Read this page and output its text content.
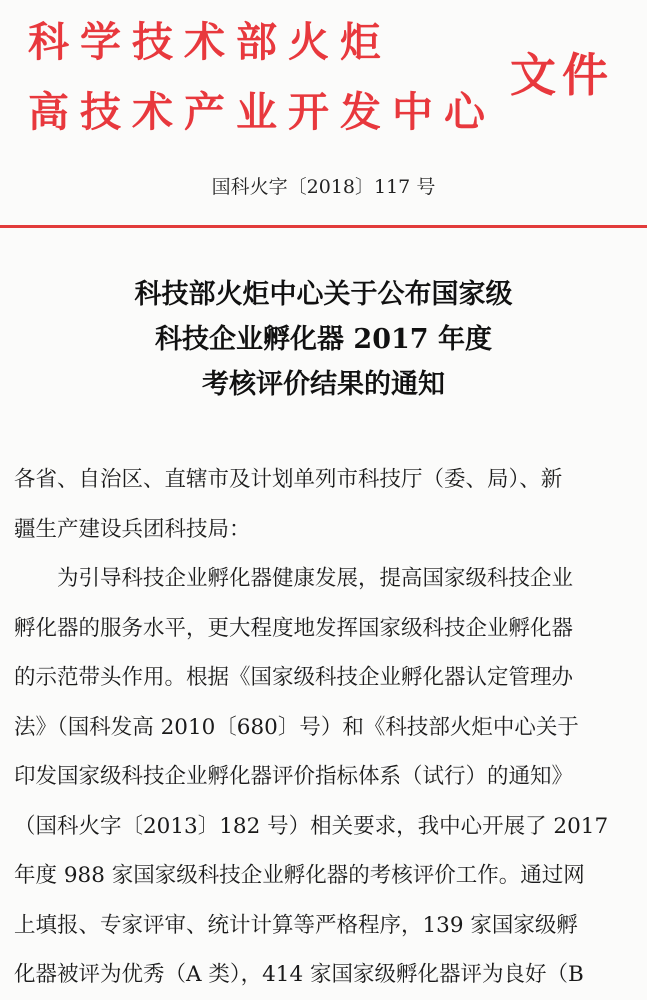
科学技术部火炬
高技术产业开发中心
文件
国科火字〔2018〕117 号
科技部火炬中心关于公布国家级
科技企业孵化器 2017 年度
考核评价结果的通知
各省、自治区、直辖市及计划单列市科技厅（委、局）、新
疆生产建设兵团科技局：
　　为引导科技企业孵化器健康发展，提高国家级科技企业
孵化器的服务水平，更大程度地发挥国家级科技企业孵化器
的示范带头作用。根据《国家级科技企业孵化器认定管理办
法》（国科发高 2010〔680〕号）和《科技部火炬中心关于
印发国家级科技企业孵化器评价指标体系（试行）的通知》
（国科火字〔2013〕182 号）相关要求，我中心开展了 2017
年度 988 家国家级科技企业孵化器的考核评价工作。通过网
上填报、专家评审、统计计算等严格程序，139 家国家级孵
化器被评为优秀（A 类），414 家国家级孵化器评为良好（B
